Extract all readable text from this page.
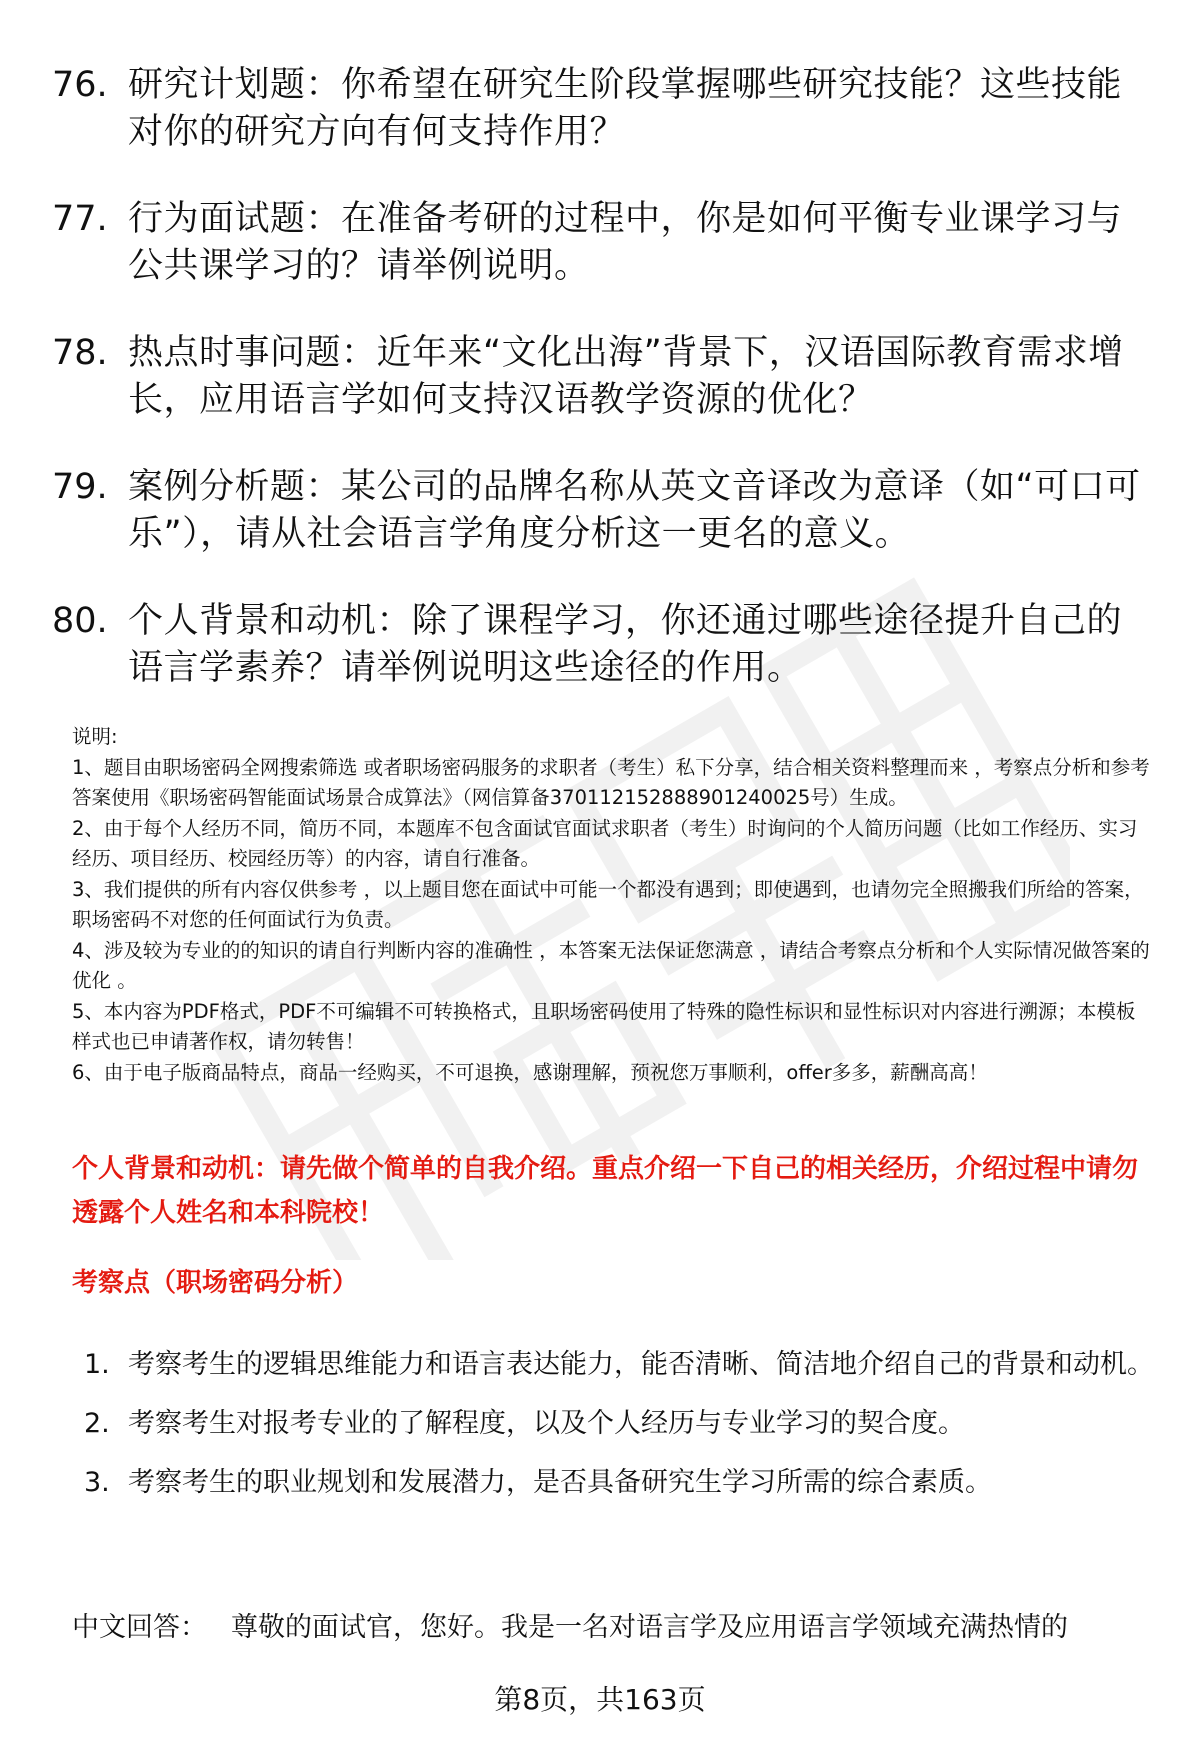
76. 研究计划题：你希望在研究生阶段掌握哪些研究技能？这些技能对你的研究方向有何支持作用？
77. 行为面试题：在准备考研的过程中，你是如何平衡专业课学习与公共课学习的？请举例说明。
78. 热点时事问题：近年来“文化出海”背景下，汉语国际教育需求增长，应用语言学如何支持汉语教学资源的优化？
79. 案例分析题：某公司的品牌名称从英文音译改为意译（如“可口可乐”），请从社会语言学角度分析这一更名的意义。
80. 个人背景和动机：除了课程学习，你还通过哪些途径提升自己的语言学素养？请举例说明这些途径的作用。

说明:

1、题目由职场密码全网搜索筛选 或者职场密码服务的求职者（考生）私下分享，结合相关资料整理而来 ，考察点分析和参考答案使用《职场密码智能面试场景合成算法》（网信算备370112152888901240025号）生成。

2、由于每个人经历不同，简历不同，本题库不包含面试官面试求职者（考生）时询问的个人简历问题（比如工作经历、实习经历、项目经历、校园经历等）的内容，请自行准备。

3、我们提供的所有内容仅供参考 ，以上题目您在面试中可能一个都没有遇到；即使遇到，也请勿完全照搬我们所给的答案，职场密码不对您的任何面试行为负责。

4、涉及较为专业的的知识的请自行判断内容的准确性 ，本答案无法保证您满意 ，请结合考察点分析和个人实际情况做答案的优化 。

5、本内容为PDF格式，PDF不可编辑不可转换格式，且职场密码使用了特殊的隐性标识和显性标识对内容进行溯源；本模板样式也已申请著作权，请勿转售！

6、由于电子版商品特点，商品一经购买，不可退换，感谢理解，预祝您万事顺利，offer多多，薪酬高高！

个人背景和动机：请先做个简单的自我介绍。重点介绍一下自己的相关经历，介绍过程中请勿透露个人姓名和本科院校！
考察点（职场密码分析）
1. 考察考生的逻辑思维能力和语言表达能力，能否清晰、简洁地介绍自己的背景和动机。
2. 考察考生对报考专业的了解程度，以及个人经历与专业学习的契合度。
3. 考察考生的职业规划和发展潜力，是否具备研究生学习所需的综合素质。
中文回答： 尊敬的面试官，您好。我是一名对语言学及应用语言学领域充满热情的
第8页，共163页
